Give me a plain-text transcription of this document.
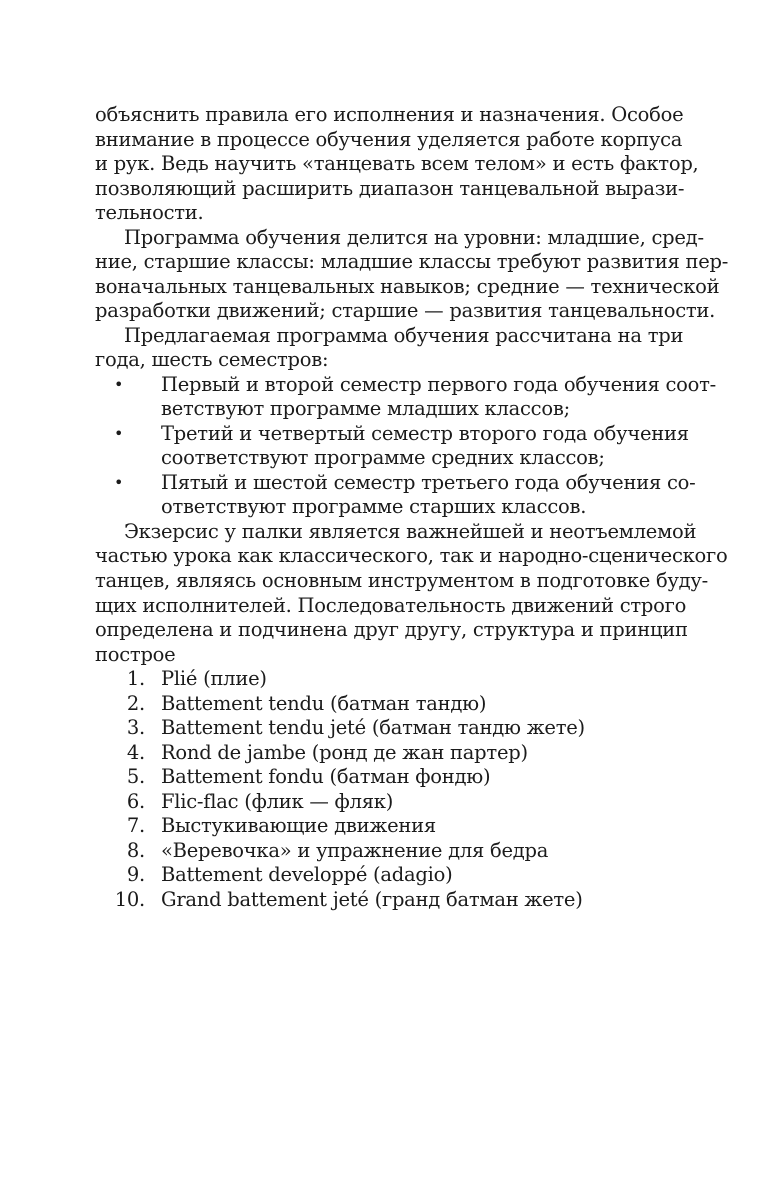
объяснить правила его исполнения и назначения. Особое
внимание в процессе обучения уделяется работе корпуса
и рук. Ведь научить «танцевать всем телом» и есть фактор,
позволяющий расширить диапазон танцевальной вырази-
тельности.
Программа обучения делится на уровни: младшие, сред-
ние, старшие классы: младшие классы требуют развития пер-
воначальных танцевальных навыков; средние — технической
разработки движений; старшие — развития танцевальности.
Предлагаемая программа обучения рассчитана на три
года, шесть семестров:
• Первый и второй семестр первого года обучения соот-
ветствуют программе младших классов;
• Третий и четвертый семестр второго года обучения
соответствуют программе средних классов;
• Пятый и шестой семестр третьего года обучения со-
ответствуют программе старших классов.
Экзерсис у палки является важнейшей и неотъемлемой
частью урока как классического, так и народно-сценического
танцев, являясь основным инструментом в подготовке буду-
щих исполнителей. Последовательность движений строго
определена и подчинена друг другу, структура и принцип
построе
1. Plié (плие)
2. Battement tendu (батман тандю)
3. Battement tendu jeté (батман тандю жете)
4. Rond de jambe (ронд де жан партер)
5. Battement fondu (батман фондю)
6. Flic-flac (флик — фляк)
7. Выстукивающие движения
8. «Веревочка» и упражнение для бедра
9. Battement developpé (adagio)
10. Grand battement jeté (гранд батман жете)
